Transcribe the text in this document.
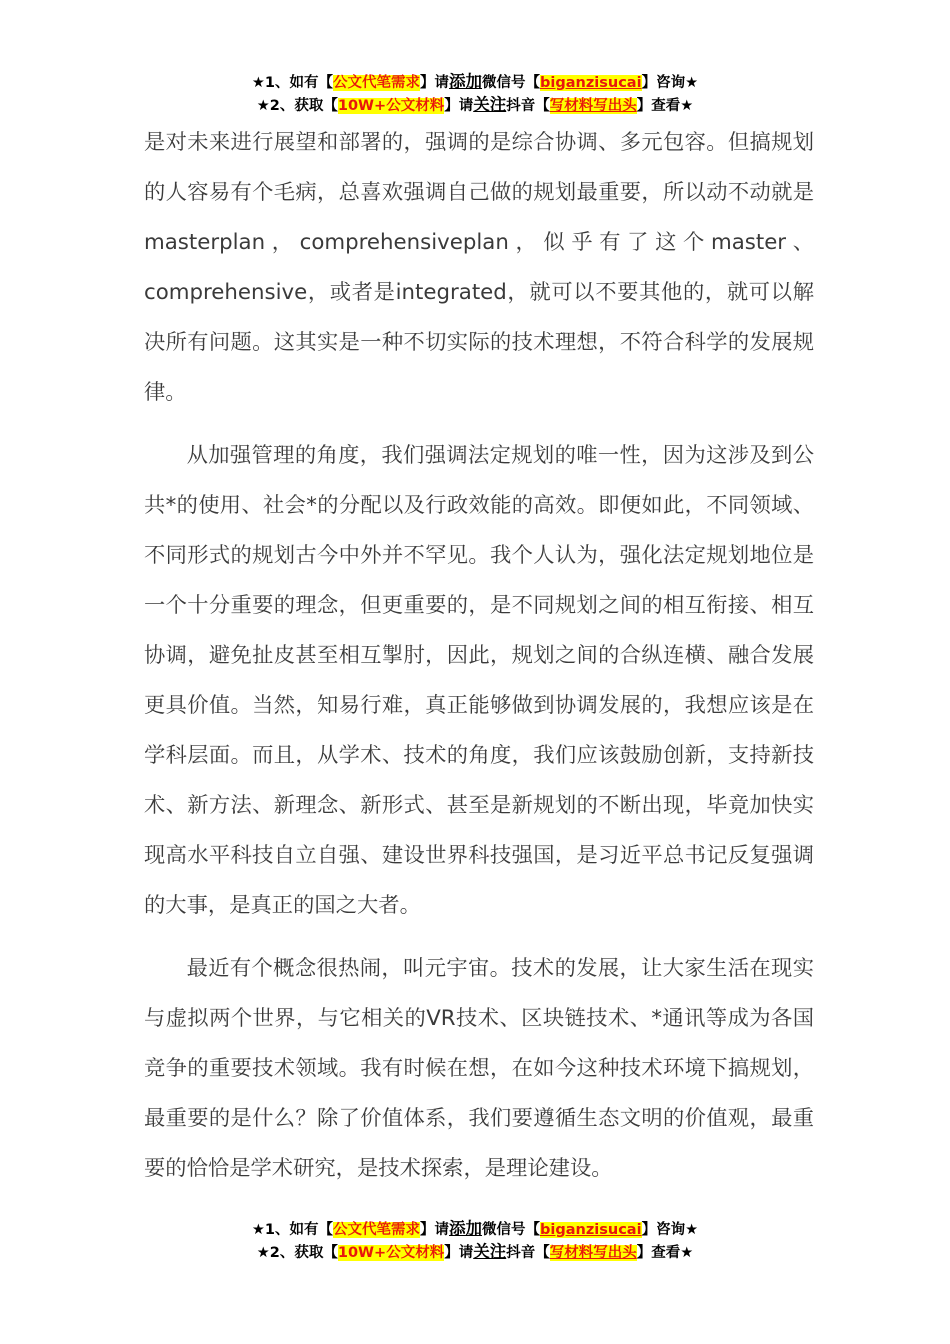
★1、如有【公文代笔需求】请添加微信号【biganzisucai】咨询★
★2、获取【10W+公文材料】请关注抖音【写材料写出头】查看★

是对未来进行展望和部署的，强调的是综合协调、多元包容。但搞规划的人容易有个毛病，总喜欢强调自己做的规划最重要，所以动不动就是masterplan，comprehensiveplan，似乎有了这个master、comprehensive，或者是integrated，就可以不要其他的，就可以解决所有问题。这其实是一种不切实际的技术理想，不符合科学的发展规律。

从加强管理的角度，我们强调法定规划的唯一性，因为这涉及到公共*的使用、社会*的分配以及行政效能的高效。即便如此，不同领域、不同形式的规划古今中外并不罕见。我个人认为，强化法定规划地位是一个十分重要的理念，但更重要的，是不同规划之间的相互衔接、相互协调，避免扯皮甚至相互掣肘，因此，规划之间的合纵连横、融合发展更具价值。当然，知易行难，真正能够做到协调发展的，我想应该是在学科层面。而且，从学术、技术的角度，我们应该鼓励创新，支持新技术、新方法、新理念、新形式、甚至是新规划的不断出现，毕竟加快实现高水平科技自立自强、建设世界科技强国，是习近平总书记反复强调的大事，是真正的国之大者。

最近有个概念很热闹，叫元宇宙。技术的发展，让大家生活在现实与虚拟两个世界，与它相关的VR技术、区块链技术、*通讯等成为各国竞争的重要技术领域。我有时候在想，在如今这种技术环境下搞规划，最重要的是什么？除了价值体系，我们要遵循生态文明的价值观，最重要的恰恰是学术研究，是技术探索，是理论建设。

★1、如有【公文代笔需求】请添加微信号【biganzisucai】咨询★
★2、获取【10W+公文材料】请关注抖音【写材料写出头】查看★
